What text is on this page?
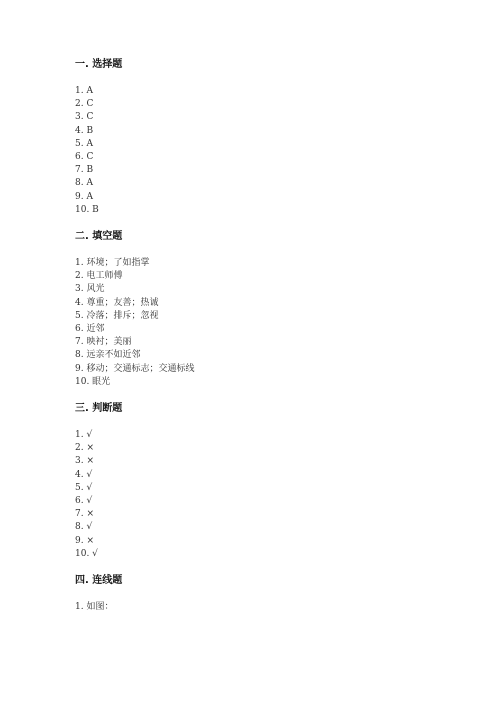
一. 选择题
1. A
2. C
3. C
4. B
5. A
6. C
7. B
8. A
9. A
10. B
二. 填空题
1. 环境；了如指掌
2. 电工师傅
3. 风光
4. 尊重；友善；热诚
5. 冷落；排斥；忽视
6. 近邻
7. 映衬；美丽
8. 远亲不如近邻
9. 移动；交通标志；交通标线
10. 眼光
三. 判断题
1. √
2. ×
3. ×
4. √
5. √
6. √
7. ×
8. √
9. ×
10. √
四. 连线题
1. 如图：
